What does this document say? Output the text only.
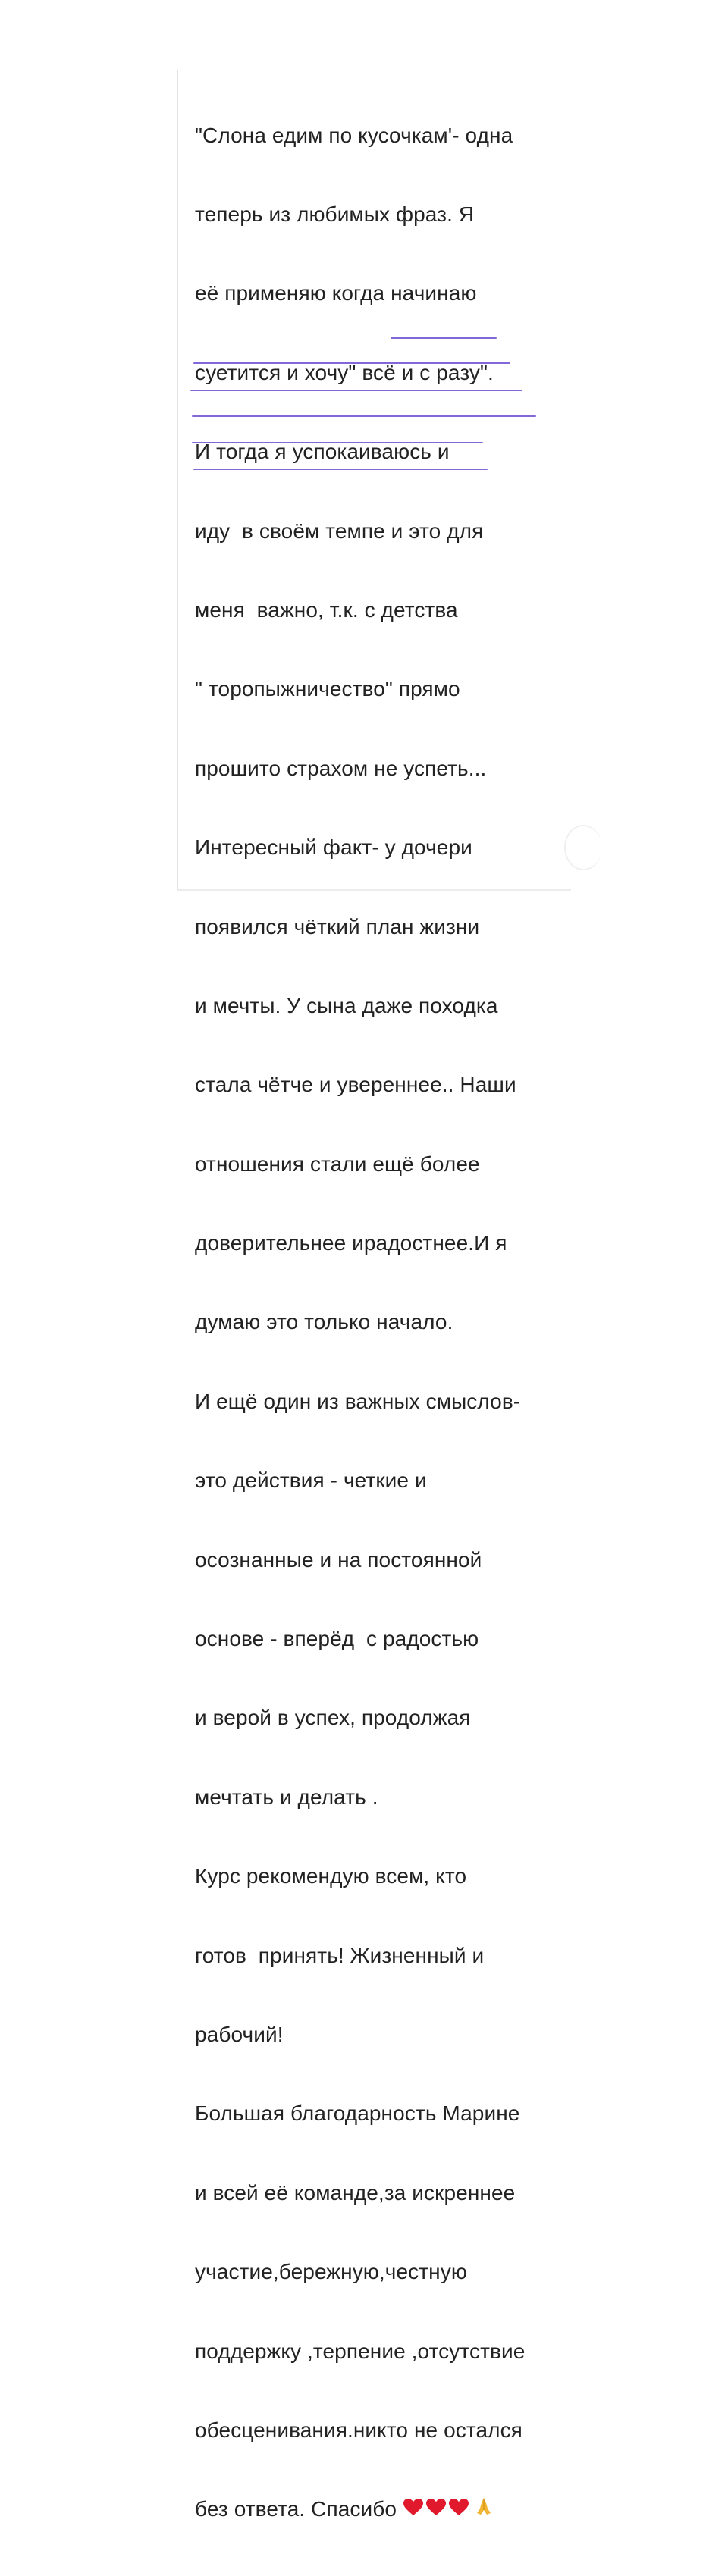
"Слона едим по кусочкам'- одна

теперь из любимых фраз. Я

её применяю когда начинаю

суетится и хочу" всё и с разу".

И тогда я успокаиваюсь и

иду  в своём темпе и это для

меня  важно, т.к. с детства

" торопыжничество" прямо

прошито страхом не успеть...

Интересный факт- у дочери

появился чёткий план жизни

и мечты. У сына даже походка

стала чётче и увереннее.. Наши

отношения стали ещё более

доверительнее ирадостнее.И я

думаю это только начало.

И ещё один из важных смыслов-

это действия - четкие и

осознанные и на постоянной

основе - вперёд  с радостью

и верой в успех, продолжая

мечтать и делать .

Курс рекомендую всем, кто

готов  принять! Жизненный и

рабочий!

Большая благодарность Марине

и всей её команде,за искреннее

участие,бережную,честную

поддержку ,терпение ,отсутствие

обесценивания.никто не остался

без ответа. Спасибо
